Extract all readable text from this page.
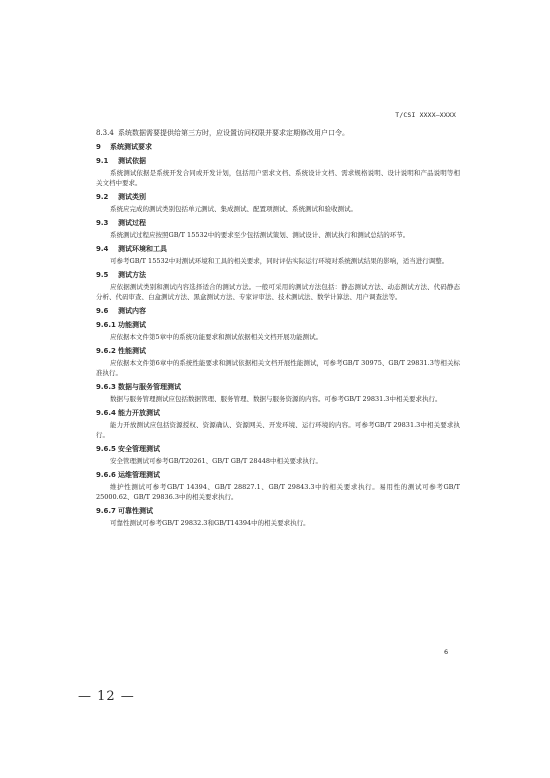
T/CSI XXXX—XXXX
8.3.4 系统数据需要提供给第三方时，应设置访问权限并要求定期修改用户口令。
9 系统测试要求
9.1 测试依据
系统测试依据是系统开发合同或开发计划，包括用户需求文档、系统设计文档、需求规格说明、设计说明和产品说明等相关文档中要求。
9.2 测试类别
系统应完成的测试类别包括单元测试、集成测试、配置项测试、系统测试和验收测试。
9.3 测试过程
系统测试过程应按照GB/T 15532中的要求至少包括测试策划、测试设计、测试执行和测试总结的环节。
9.4 测试环境和工具
可参考GB/T 15532中对测试环境和工具的相关要求，同时评估实际运行环境对系统测试结果的影响，适当进行调整。
9.5 测试方法
应依据测试类别和测试内容选择适合的测试方法。一般可采用的测试方法包括：静态测试方法、动态测试方法、代码静态分析、代码审查、白盒测试方法、黑盒测试方法、专家评审法、技术测试法、数学计算法、用户调查法等。
9.6 测试内容
9.6.1 功能测试
应依据本文件第5章中的系统功能要求和测试依据相关文档开展功能测试。
9.6.2 性能测试
应依据本文件第6章中的系统性能要求和测试依据相关文档开展性能测试，可参考GB/T 30975、GB/T 29831.3等相关标准执行。
9.6.3 数据与服务管理测试
数据与服务管理测试应包括数据管理、服务管理、数据与服务资源的内容。可参考GB/T 29831.3中相关要求执行。
9.6.4 能力开放测试
能力开放测试应包括资源授权、资源确认、资源网关、开发环境、运行环境的内容。可参考GB/T 29831.3中相关要求执行。
9.6.5 安全管理测试
安全管理测试可参考GB/T20261、GB/T GB/T 28448中相关要求执行。
9.6.6 运维管理测试
维护性测试可参考GB/T 14394、GB/T 28827.1、GB/T 29843.3中的相关要求执行。易用性的测试可参考GB/T 25000.62、GB/T 29836.3中的相关要求执行。
9.6.7 可靠性测试
可靠性测试可参考GB/T 29832.3和GB/T14394中的相关要求执行。
6
— 12 —
